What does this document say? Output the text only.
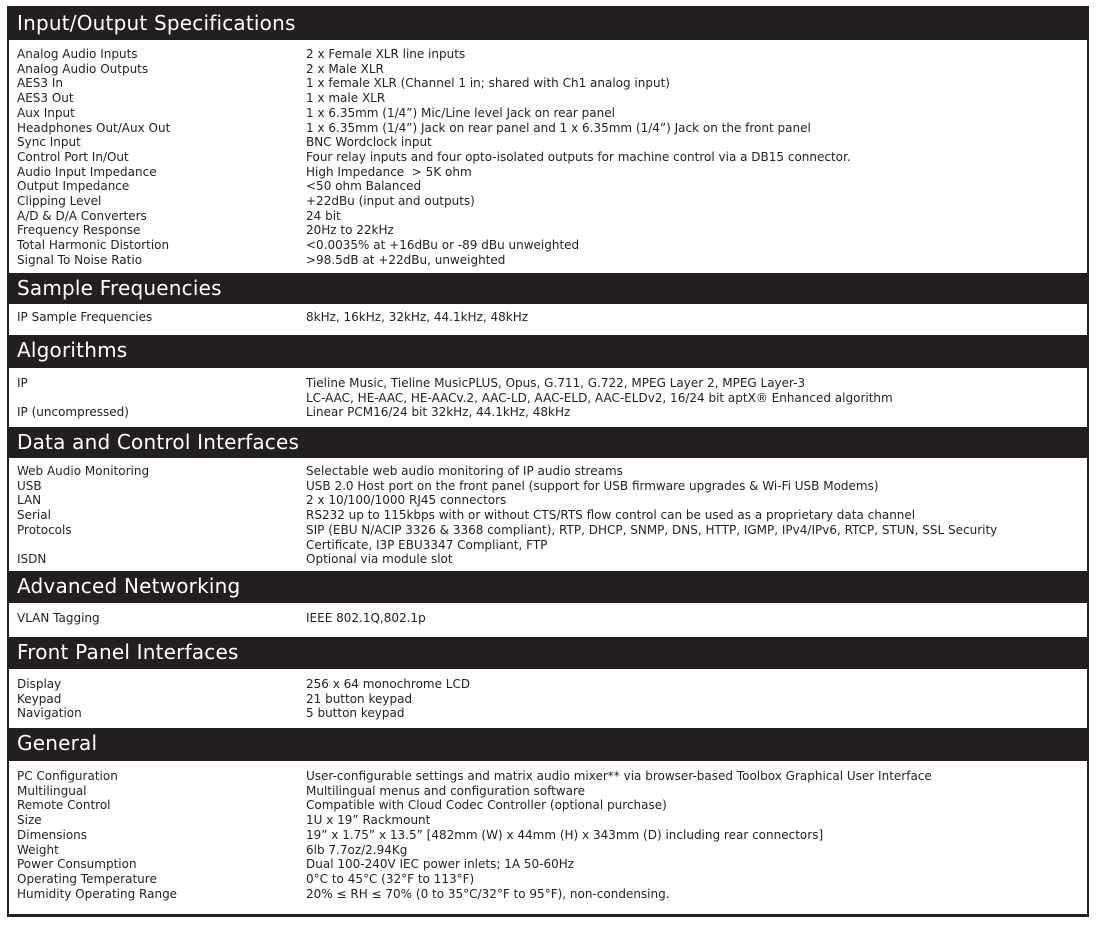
Input/Output Specifications
Analog Audio Inputs	2 x Female XLR line inputs
Analog Audio Outputs	2 x Male XLR
AES3 In	1 x female XLR (Channel 1 in; shared with Ch1 analog input)
AES3 Out	1 x male XLR
Aux Input	1 x 6.35mm (1/4”) Mic/Line level Jack on rear panel
Headphones Out/Aux Out	1 x 6.35mm (1/4”) Jack on rear panel and 1 x 6.35mm (1/4”) Jack on the front panel
Sync Input	BNC Wordclock input
Control Port In/Out	Four relay inputs and four opto-isolated outputs for machine control via a DB15 connector.
Audio Input Impedance	High Impedance  > 5K ohm
Output Impedance	<50 ohm Balanced
Clipping Level	+22dBu (input and outputs)
A/D & D/A Converters	24 bit
Frequency Response	20Hz to 22kHz
Total Harmonic Distortion	<0.0035% at +16dBu or -89 dBu unweighted
Signal To Noise Ratio	>98.5dB at +22dBu, unweighted
Sample Frequencies
IP Sample Frequencies	8kHz, 16kHz, 32kHz, 44.1kHz, 48kHz
Algorithms
IP	Tieline Music, Tieline MusicPLUS, Opus, G.711, G.722, MPEG Layer 2, MPEG Layer-3
LC-AAC, HE-AAC, HE-AACv.2, AAC-LD, AAC-ELD, AAC-ELDv2, 16/24 bit aptX® Enhanced algorithm
IP (uncompressed)	Linear PCM16/24 bit 32kHz, 44.1kHz, 48kHz
Data and Control Interfaces
Web Audio Monitoring	Selectable web audio monitoring of IP audio streams
USB	USB 2.0 Host port on the front panel (support for USB firmware upgrades & Wi-Fi USB Modems)
LAN	2 x 10/100/1000 RJ45 connectors
Serial	RS232 up to 115kbps with or without CTS/RTS flow control can be used as a proprietary data channel
Protocols	SIP (EBU N/ACIP 3326 & 3368 compliant), RTP, DHCP, SNMP, DNS, HTTP, IGMP, IPv4/IPv6, RTCP, STUN, SSL Security
Certificate, I3P EBU3347 Compliant, FTP
ISDN	Optional via module slot
Advanced Networking
VLAN Tagging	IEEE 802.1Q,802.1p
Front Panel Interfaces
Display	256 x 64 monochrome LCD
Keypad	21 button keypad
Navigation	5 button keypad
General
PC Configuration	User-configurable settings and matrix audio mixer** via browser-based Toolbox Graphical User Interface
Multilingual	Multilingual menus and configuration software
Remote Control	Compatible with Cloud Codec Controller (optional purchase)
Size	1U x 19” Rackmount
Dimensions	19” x 1.75” x 13.5” [482mm (W) x 44mm (H) x 343mm (D) including rear connectors]
Weight	6lb 7.7oz/2.94Kg
Power Consumption	Dual 100-240V IEC power inlets; 1A 50-60Hz
Operating Temperature	0°C to 45°C (32°F to 113°F)
Humidity Operating Range	20% ≤ RH ≤ 70% (0 to 35°C/32°F to 95°F), non-condensing.
